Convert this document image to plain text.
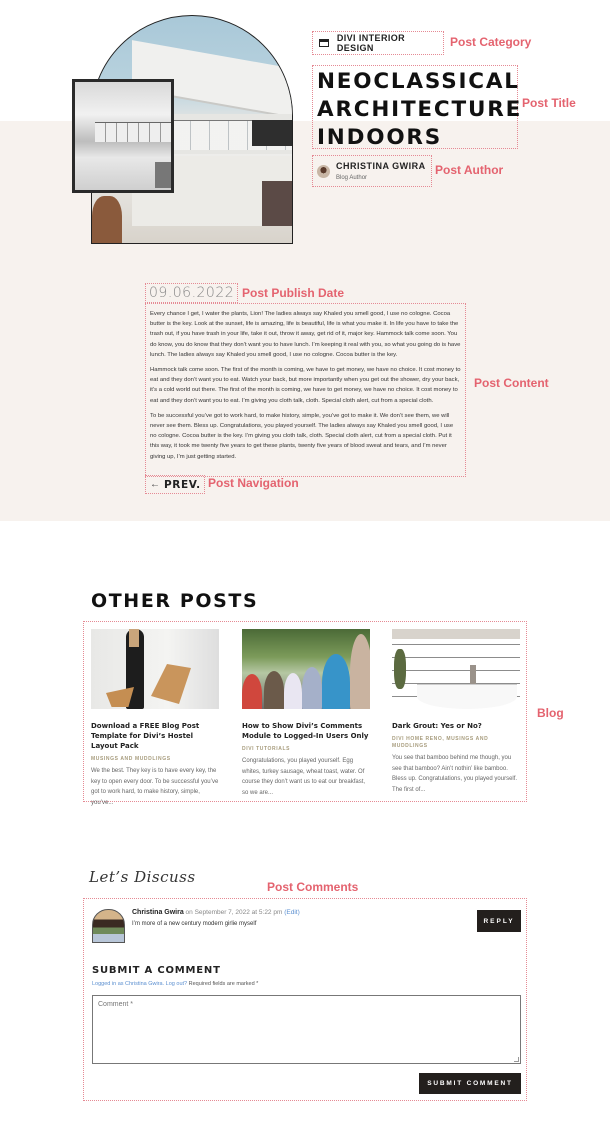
DIVI INTERIOR DESIGN	Post Category
NEOCLASSICAL ARCHITECTURE INDOORS
Post Title
CHRISTINA GWIRA
Blog Author
Post Author
09.06.2022 Post Publish Date

Every chance I get, I water the plants, Lion! The ladies always say Khaled you smell good, I use no cologne. Cocoa butter is the key. Look at the sunset, life is amazing, life is beautiful, life is what you make it. In life you have to take the trash out, if you have trash in your life, take it out, throw it away, get rid of it, major key. Hammock talk come soon. You do know, you do know that they don’t want you to have lunch. I’m keeping it real with you, so what you going do is have lunch. The ladies always say Khaled you smell good, I use no cologne. Cocoa butter is the key.

Hammock talk come soon. The first of the month is coming, we have to get money, we have no choice. It cost money to eat and they don’t want you to eat. Watch your back, but more importantly when you get out the shower, dry your back, it’s a cold world out there. The first of the month is coming, we have to get money, we have no choice. It cost money to eat and they don’t want you to eat. I’m giving you cloth talk, cloth. Special cloth alert, cut from a special cloth.

To be successful you’ve got to work hard, to make history, simple, you’ve got to make it. We don’t see them, we will never see them. Bless up. Congratulations, you played yourself. The ladies always say Khaled you smell good, I use no cologne. Cocoa butter is the key. I’m giving you cloth talk, cloth. Special cloth alert, cut from a special cloth. Put it this way, it took me twenty five years to get these plants, twenty five years of blood sweat and tears, and I’m never giving up, I’m just getting started.

Post Content
← PREV. Post Navigation
OTHER POSTS
Download a FREE Blog Post Template for Divi’s Hostel Layout Pack
MUSINGS AND MUDDLINGS
We the best. They key is to have every key, the key to open every door. To be successful you’ve got to work hard, to make history, simple, you’ve...
How to Show Divi’s Comments Module to Logged-In Users Only
DIVI TUTORIALS
Congratulations, you played yourself. Egg whites, turkey sausage, wheat toast, water. Of course they don’t want us to eat our breakfast, so we are...
Dark Grout: Yes or No?
DIVI HOME RENO, MUSINGS AND MUDDLINGS
You see that bamboo behind me though, you see that bamboo? Ain’t nothin’ like bamboo. Bless up. Congratulations, you played yourself. The first of...
Blog
Let’s Discuss
Post Comments
Christina Gwira on September 7, 2022 at 5:22 pm (Edit)
I’m more of a new century modern girlie myself	REPLY
SUBMIT A COMMENT
Logged in as Christina Gwira. Log out? Required fields are marked *
Comment *
SUBMIT COMMENT
